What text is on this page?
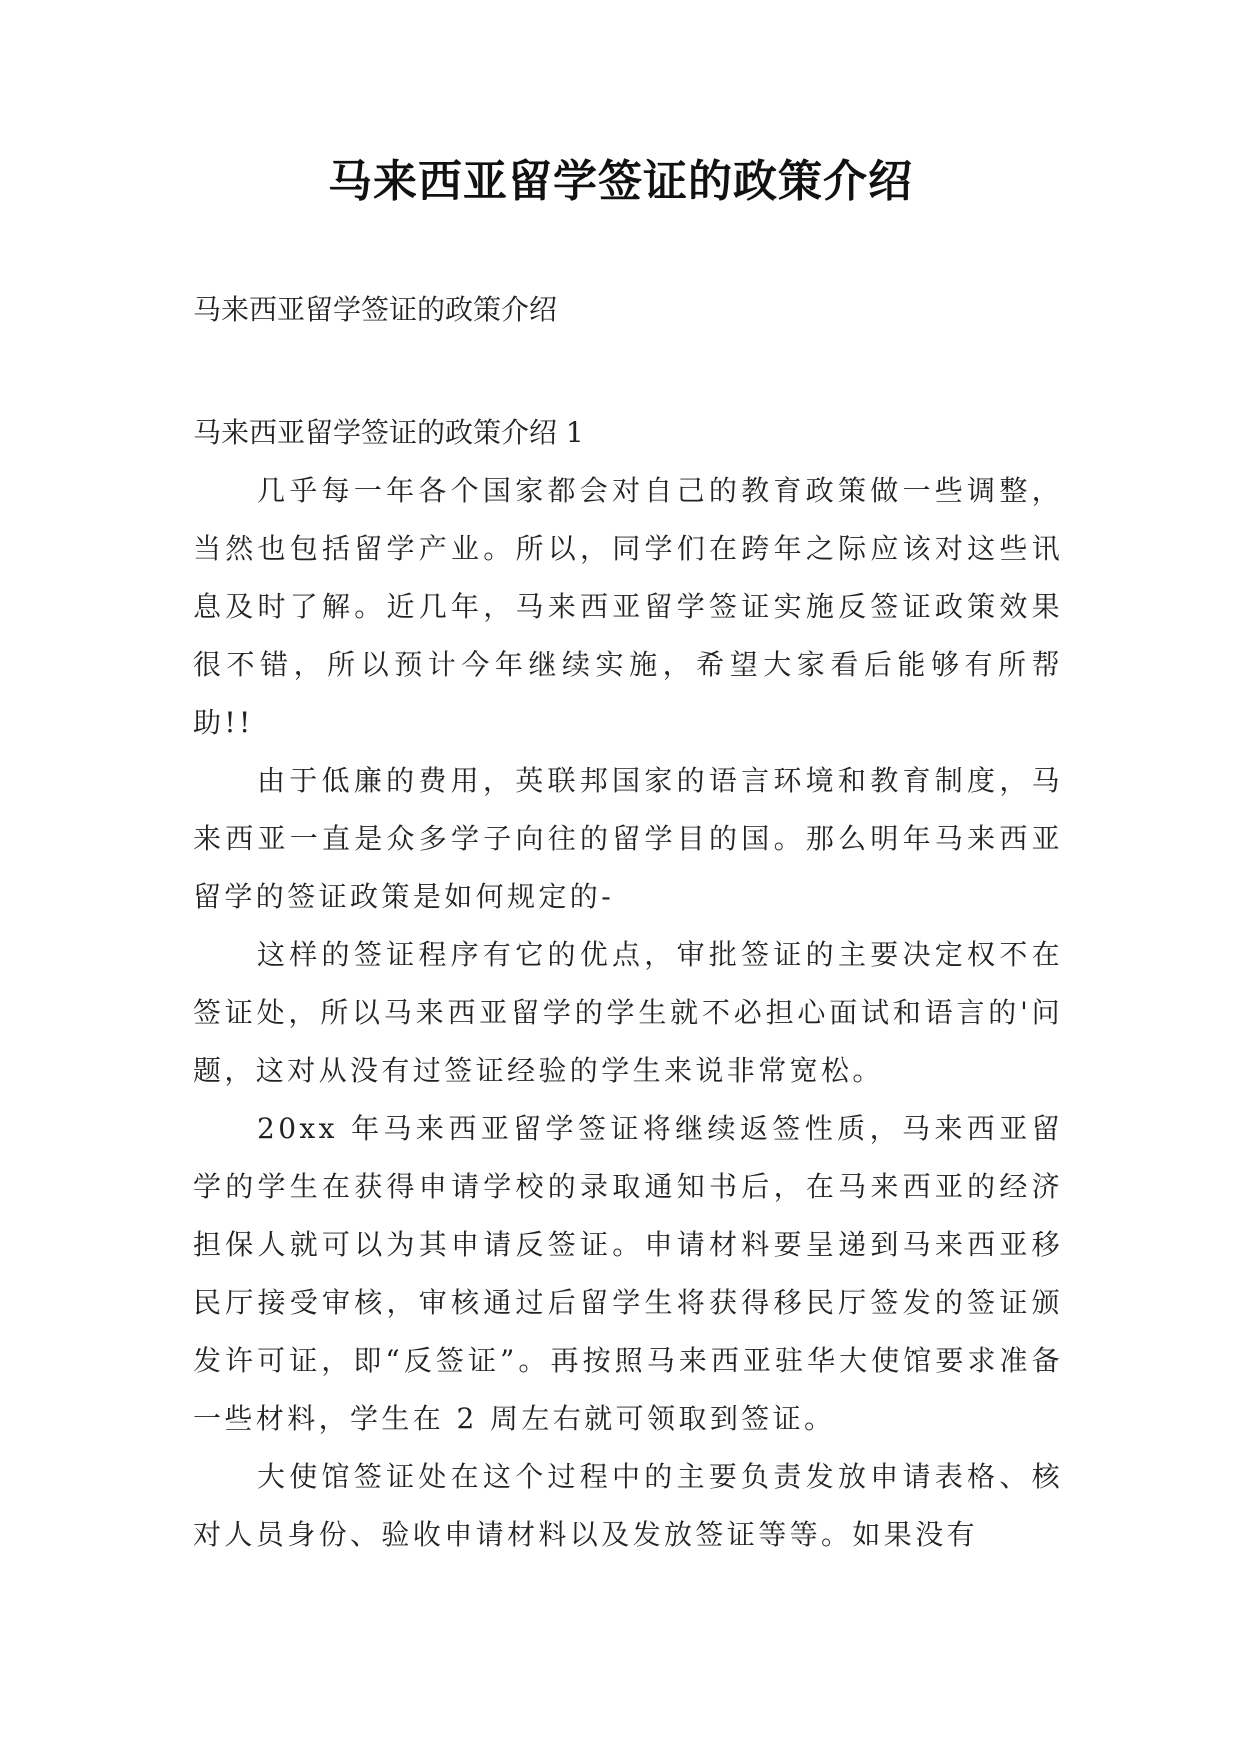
马来西亚留学签证的政策介绍
马来西亚留学签证的政策介绍
马来西亚留学签证的政策介绍 1

几乎每一年各个国家都会对自己的教育政策做一些调整，当然也包括留学产业。所以，同学们在跨年之际应该对这些讯息及时了解。近几年，马来西亚留学签证实施反签证政策效果很不错，所以预计今年继续实施，希望大家看后能够有所帮助!!

由于低廉的费用，英联邦国家的语言环境和教育制度，马来西亚一直是众多学子向往的留学目的国。那么明年马来西亚留学的签证政策是如何规定的-

这样的签证程序有它的优点，审批签证的主要决定权不在签证处，所以马来西亚留学的学生就不必担心面试和语言的'问题，这对从没有过签证经验的学生来说非常宽松。

20xx 年马来西亚留学签证将继续返签性质，马来西亚留学的学生在获得申请学校的录取通知书后，在马来西亚的经济担保人就可以为其申请反签证。申请材料要呈递到马来西亚移民厅接受审核，审核通过后留学生将获得移民厅签发的签证颁发许可证，即“反签证”。再按照马来西亚驻华大使馆要求准备一些材料，学生在 2 周左右就可领取到签证。

大使馆签证处在这个过程中的主要负责发放申请表格、核对人员身份、验收申请材料以及发放签证等等。如果没有
